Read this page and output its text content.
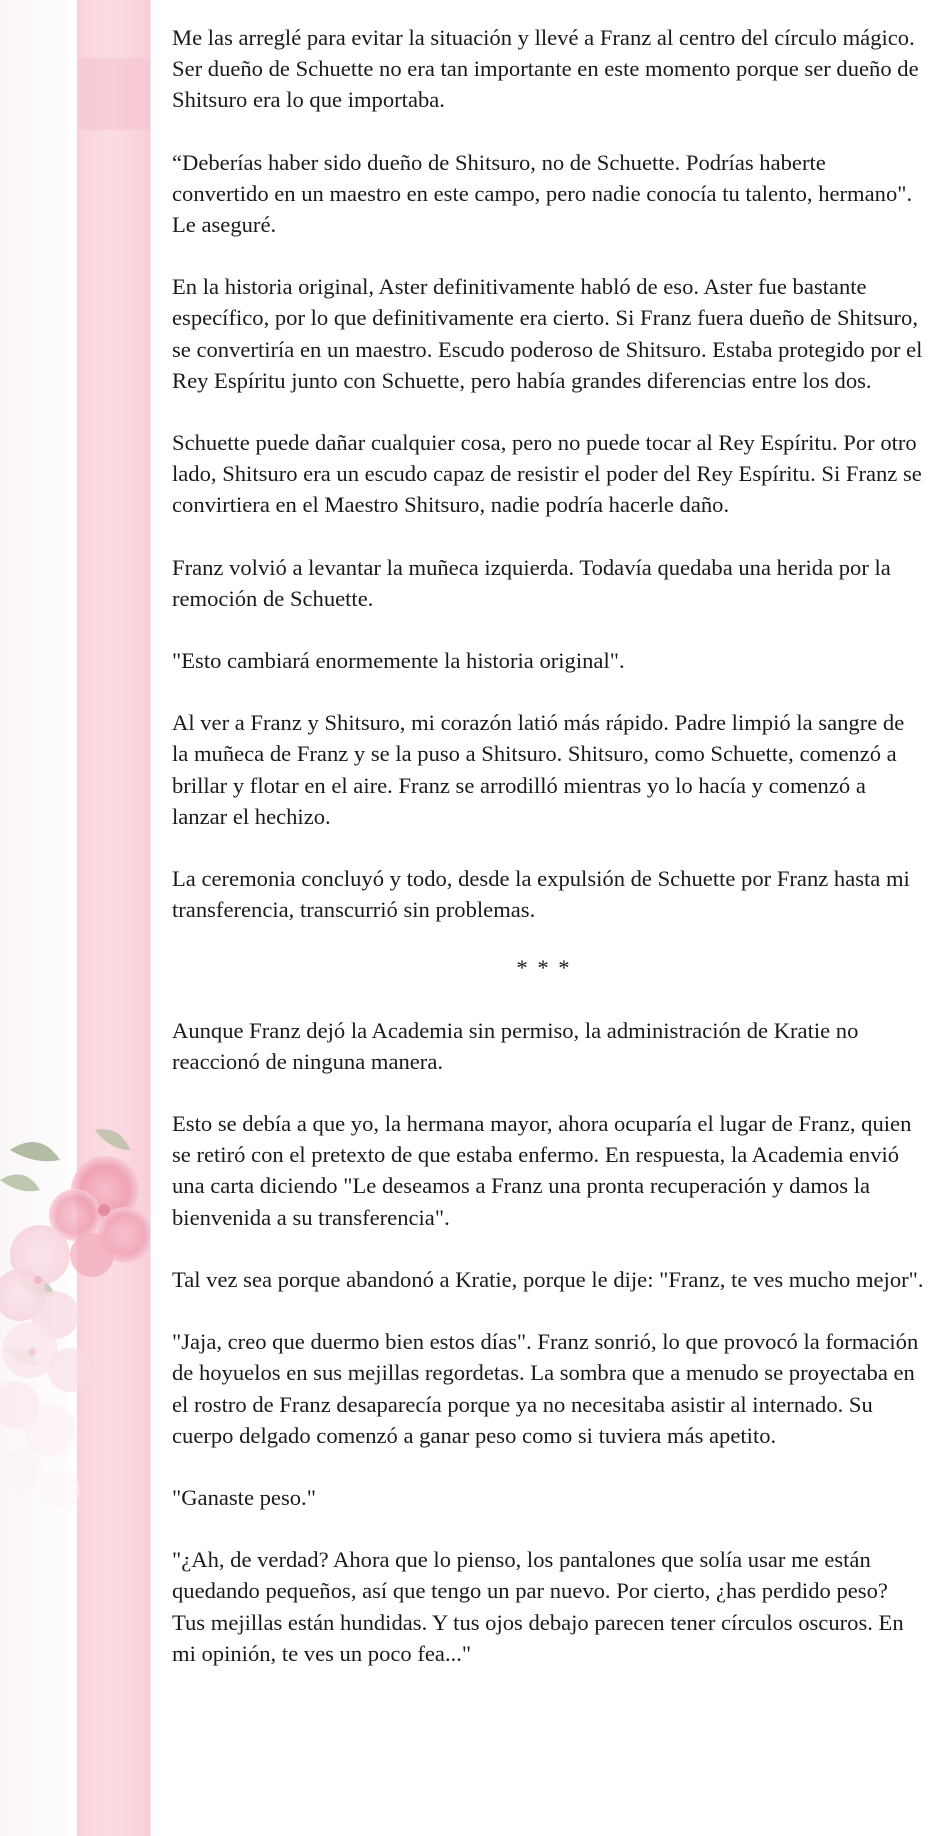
Me las arreglé para evitar la situación y llevé a Franz al centro del círculo mágico. Ser dueño de Schuette no era tan importante en este momento porque ser dueño de Shitsuro era lo que importaba.

“Deberías haber sido dueño de Shitsuro, no de Schuette. Podrías haberte convertido en un maestro en este campo, pero nadie conocía tu talento, hermano". Le aseguré.

En la historia original, Aster definitivamente habló de eso. Aster fue bastante específico, por lo que definitivamente era cierto. Si Franz fuera dueño de Shitsuro, se convertiría en un maestro. Escudo poderoso de Shitsuro. Estaba protegido por el Rey Espíritu junto con Schuette, pero había grandes diferencias entre los dos.

Schuette puede dañar cualquier cosa, pero no puede tocar al Rey Espíritu. Por otro lado, Shitsuro era un escudo capaz de resistir el poder del Rey Espíritu. Si Franz se convirtiera en el Maestro Shitsuro, nadie podría hacerle daño.

Franz volvió a levantar la muñeca izquierda. Todavía quedaba una herida por la remoción de Schuette.

"Esto cambiará enormemente la historia original".

Al ver a Franz y Shitsuro, mi corazón latió más rápido. Padre limpió la sangre de la muñeca de Franz y se la puso a Shitsuro. Shitsuro, como Schuette, comenzó a brillar y flotar en el aire. Franz se arrodilló mientras yo lo hacía y comenzó a lanzar el hechizo.

La ceremonia concluyó y todo, desde la expulsión de Schuette por Franz hasta mi transferencia, transcurrió sin problemas.

* * *

Aunque Franz dejó la Academia sin permiso, la administración de Kratie no reaccionó de ninguna manera.

Esto se debía a que yo, la hermana mayor, ahora ocuparía el lugar de Franz, quien se retiró con el pretexto de que estaba enfermo. En respuesta, la Academia envió una carta diciendo "Le deseamos a Franz una pronta recuperación y damos la bienvenida a su transferencia".

Tal vez sea porque abandonó a Kratie, porque le dije: "Franz, te ves mucho mejor".

"Jaja, creo que duermo bien estos días". Franz sonrió, lo que provocó la formación de hoyuelos en sus mejillas regordetas. La sombra que a menudo se proyectaba en el rostro de Franz desaparecía porque ya no necesitaba asistir al internado. Su cuerpo delgado comenzó a ganar peso como si tuviera más apetito.

"Ganaste peso."

"¿Ah, de verdad? Ahora que lo pienso, los pantalones que solía usar me están quedando pequeños, así que tengo un par nuevo. Por cierto, ¿has perdido peso? Tus mejillas están hundidas. Y tus ojos debajo parecen tener círculos oscuros. En mi opinión, te ves un poco fea..."
